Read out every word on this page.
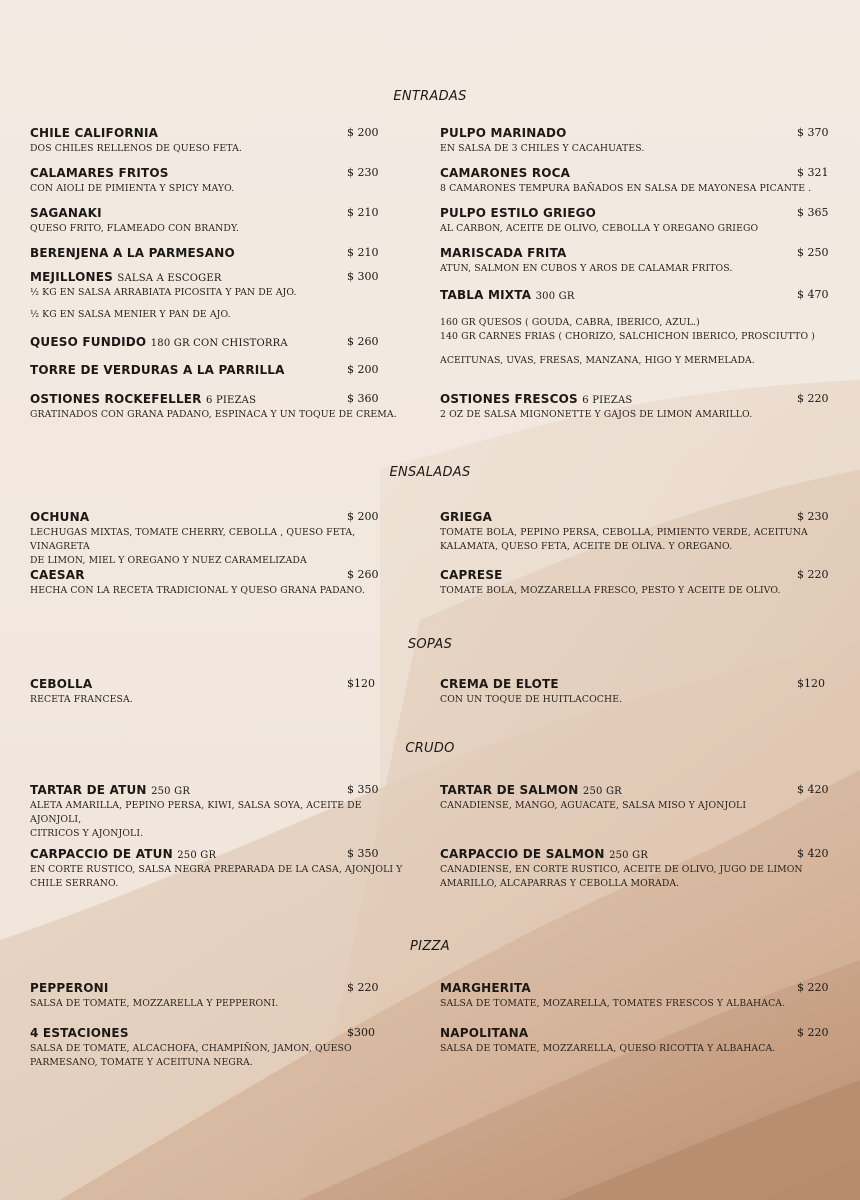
ENTRADAS
CHILE CALIFORNIA	$ 200
DOS CHILES RELLENOS DE QUESO FETA.
CALAMARES FRITOS	$ 230
CON AIOLI DE PIMIENTA Y SPICY MAYO.
SAGANAKI	$ 210
QUESO FRITO, FLAMEADO CON BRANDY.
BERENJENA A LA PARMESANO	$ 210
MEJILLONES SALSA A ESCOGER	$ 300
½ KG EN SALSA ARRABIATA PICOSITA Y PAN DE AJO.
½ KG EN SALSA MENIER Y PAN DE AJO.
QUESO FUNDIDO 180 GR CON CHISTORRA	$ 260
TORRE DE VERDURAS A LA PARRILLA	$ 200
OSTIONES ROCKEFELLER 6 PIEZAS	$ 360
GRATINADOS CON GRANA PADANO, ESPINACA Y UN TOQUE DE CREMA.
PULPO MARINADO	$ 370
EN SALSA DE 3 CHILES Y CACAHUATES.
CAMARONES ROCA	$ 321
8 CAMARONES TEMPURA BAÑADOS EN SALSA DE MAYONESA PICANTE .
PULPO ESTILO GRIEGO	$ 365
AL CARBON, ACEITE DE OLIVO, CEBOLLA Y OREGANO GRIEGO
MARISCADA FRITA	$ 250
ATUN, SALMON EN CUBOS Y AROS DE CALAMAR FRITOS.
TABLA MIXTA 300 GR	$ 470
160 GR QUESOS ( GOUDA, CABRA, IBERICO, AZUL.)
140 GR CARNES FRIAS ( CHORIZO, SALCHICHON IBERICO, PROSCIUTTO )
ACEITUNAS, UVAS, FRESAS, MANZANA, HIGO Y MERMELADA.
OSTIONES FRESCOS 6 PIEZAS	$ 220
2 OZ DE SALSA MIGNONETTE Y GAJOS DE LIMON AMARILLO.
ENSALADAS
OCHUNA	$ 200
LECHUGAS MIXTAS, TOMATE CHERRY, CEBOLLA , QUESO FETA, VINAGRETA
DE LIMON, MIEL Y OREGANO Y NUEZ CARAMELIZADA
CAESAR	$ 260
HECHA CON LA RECETA TRADICIONAL Y QUESO GRANA PADANO.
GRIEGA	$ 230
TOMATE BOLA, PEPINO PERSA, CEBOLLA, PIMIENTO VERDE, ACEITUNA
KALAMATA, QUESO FETA, ACEITE DE OLIVA. Y OREGANO.
CAPRESE	$ 220
TOMATE BOLA, MOZZARELLA FRESCO, PESTO Y ACEITE DE OLIVO.
SOPAS
CEBOLLA	$120
RECETA FRANCESA.
CREMA DE ELOTE	$120
CON UN TOQUE DE HUITLACOCHE.
CRUDO
TARTAR DE ATUN 250 GR	$ 350
ALETA AMARILLA, PEPINO PERSA, KIWI, SALSA SOYA, ACEITE DE AJONJOLI,
CITRICOS Y AJONJOLI.
CARPACCIO DE ATUN 250 GR	$ 350
EN CORTE RUSTICO, SALSA NEGRA PREPARADA DE LA CASA, AJONJOLI Y
CHILE SERRANO.
TARTAR DE SALMON 250 GR	$ 420
CANADIENSE, MANGO, AGUACATE, SALSA MISO Y AJONJOLI
CARPACCIO DE SALMON 250 GR	$ 420
CANADIENSE, EN CORTE RUSTICO, ACEITE DE OLIVO, JUGO DE LIMON
AMARILLO, ALCAPARRAS Y CEBOLLA MORADA.
PIZZA
PEPPERONI	$ 220
SALSA DE TOMATE, MOZZARELLA Y PEPPERONI.
4 ESTACIONES	$300
SALSA DE TOMATE, ALCACHOFA, CHAMPIÑON, JAMON, QUESO
PARMESANO, TOMATE Y ACEITUNA NEGRA.
MARGHERITA	$ 220
SALSA DE TOMATE, MOZARELLA, TOMATES FRESCOS Y ALBAHACA.
NAPOLITANA	$ 220
SALSA DE TOMATE, MOZZARELLA, QUESO RICOTTA Y ALBAHACA.
